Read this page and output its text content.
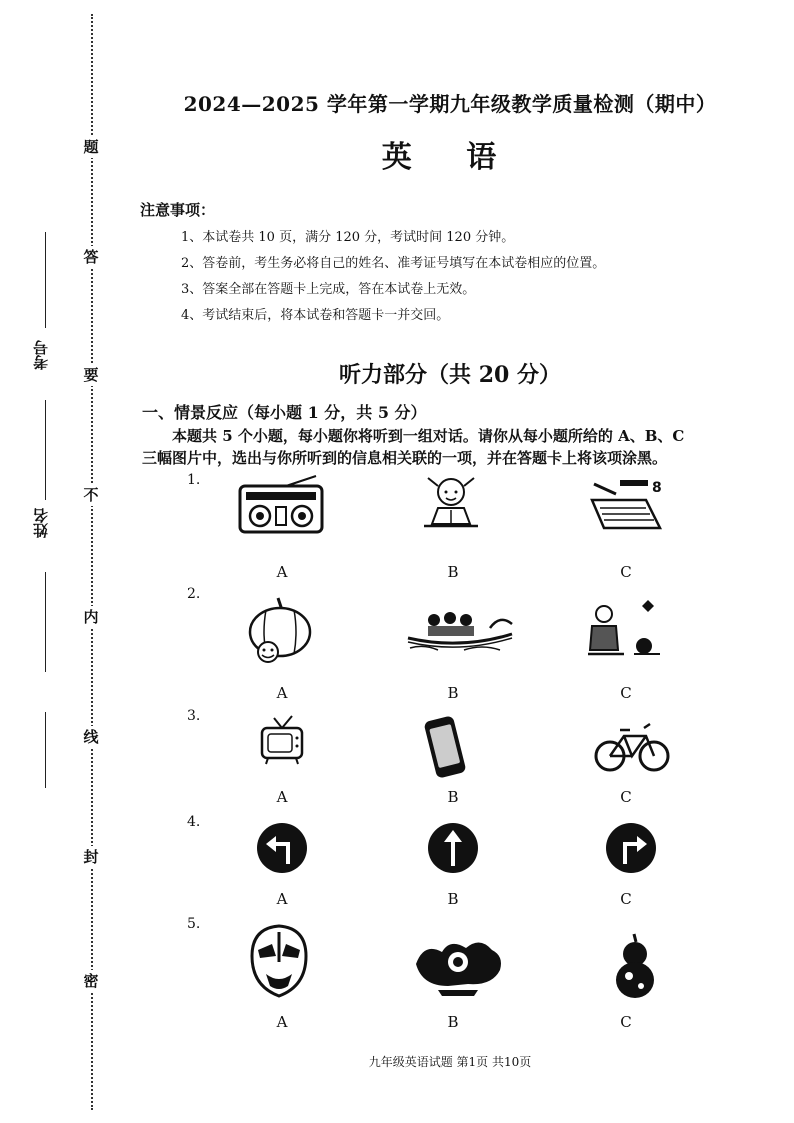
题
答
要
不
内
线
封
密
考号
姓名
2024—2025 学年第一学期九年级教学质量检测（期中）
英 语
注意事项：
1、本试卷共 10 页，满分 120 分，考试时间 120 分钟。
2、答卷前，考生务必将自己的姓名、准考证号填写在本试卷相应的位置。
3、答案全部在答题卡上完成，答在本试卷上无效。
4、考试结束后，将本试卷和答题卡一并交回。
听力部分（共 20 分）
一、情景反应（每小题 1 分，共 5 分）
本题共 5 个小题，每小题你将听到一组对话。请你从每小题所给的 A、B、C
三幅图片中，选出与你所听到的信息相关联的一项，并在答题卡上将该项涂黑。
1.	8
A	B	C
2.
A	B	C
3.
A	B	C
4.
A	B	C
5.
A	B	C
九年级英语试题 第1页 共10页
